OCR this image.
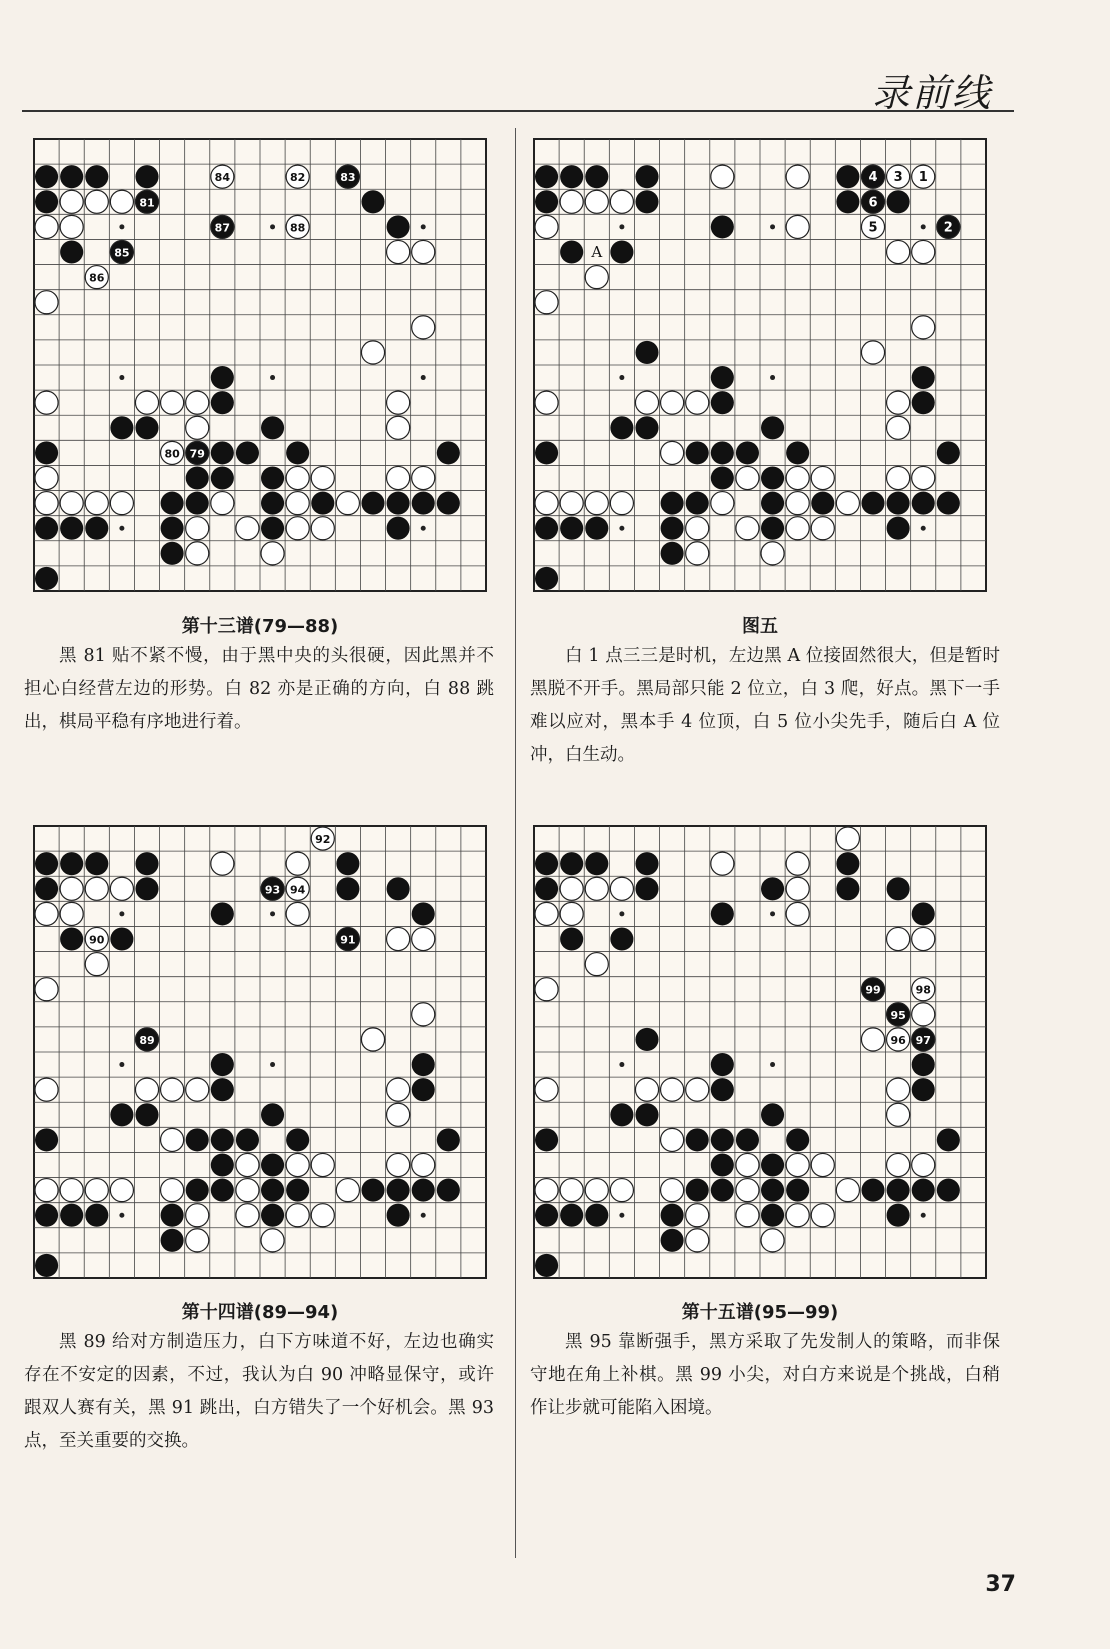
录前线
79
80
81
82	83
84
85
86
87	88
第十三谱(79—88)
黑 81 贴不紧不慢，由于黑中央的头很硬，因此黑并不担心白经营左边的形势。白 82 亦是正确的方向，白 88 跳出，棋局平稳有序地进行着。
1
2
3
4
5
6
A
图五
白 1 点三三是时机，左边黑 A 位接固然很大，但是暂时黑脱不开手。黑局部只能 2 位立，白 3 爬，好点。黑下一手难以应对，黑本手 4 位顶，白 5 位小尖先手，随后白 A 位冲，白生动。
89
90	91
92
93 94
第十四谱(89—94)
黑 89 给对方制造压力，白下方味道不好，左边也确实存在不安定的因素，不过，我认为白 90 冲略显保守，或许跟双人赛有关，黑 91 跳出，白方错失了一个好机会。黑 93 点，至关重要的交换。
95
96 97
98
99
第十五谱(95—99)
黑 95 靠断强手，黑方采取了先发制人的策略，而非保守地在角上补棋。黑 99 小尖，对白方来说是个挑战，白稍作让步就可能陷入困境。
37
